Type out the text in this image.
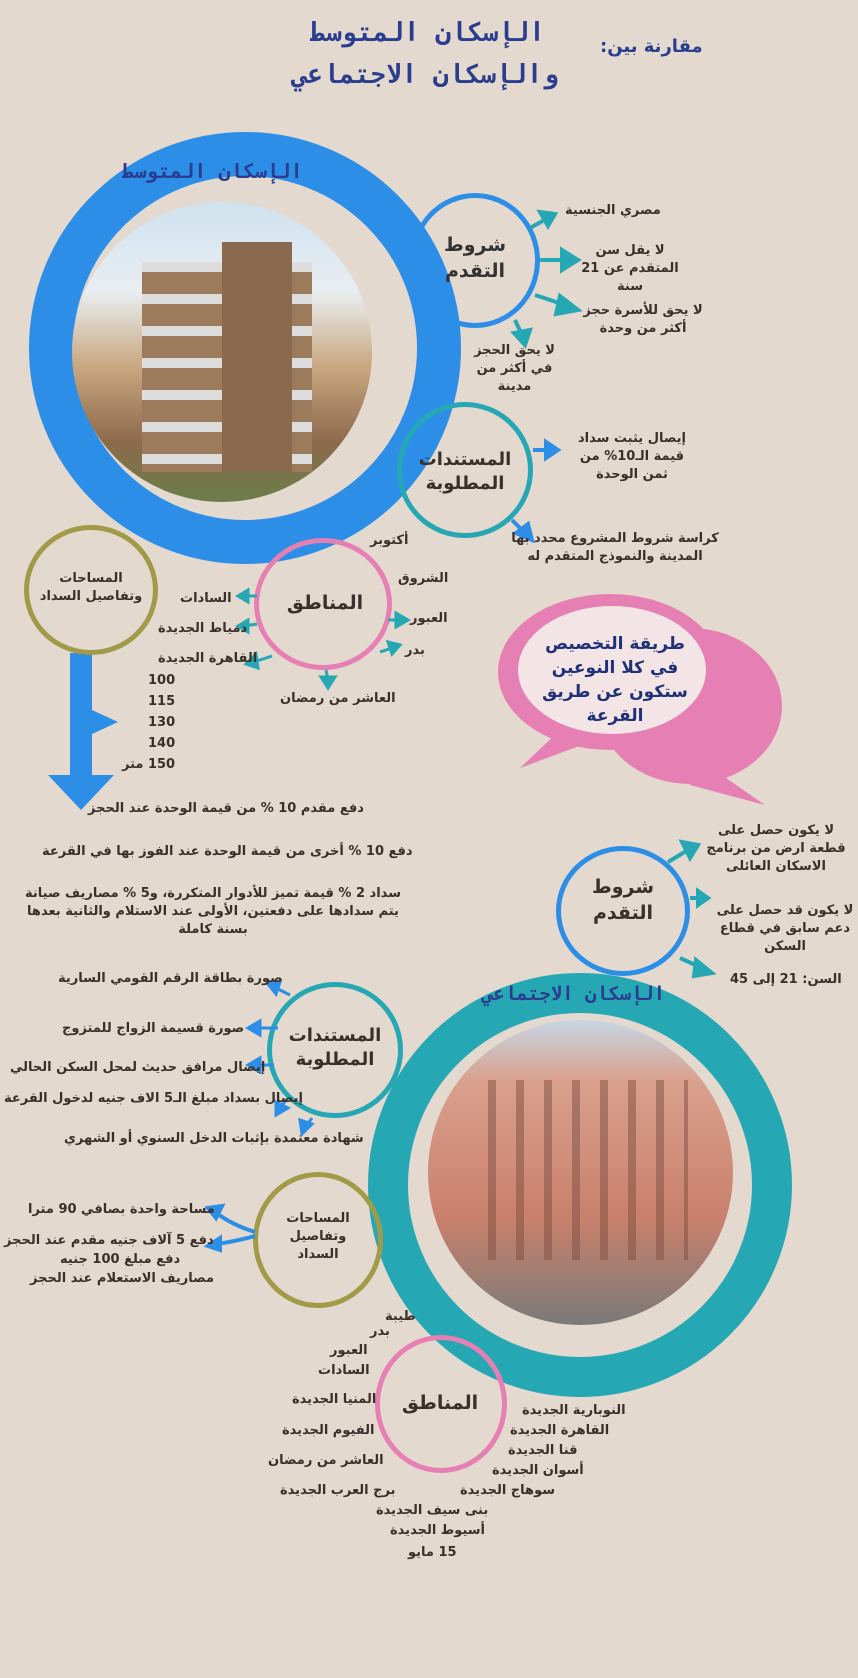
الإسكان المتوسط	مقارنة بين:
والإسكان الاجتماعي
الإسكان المتوسط
شروط التقدم
مصري الجنسية
لا يقل سن المتقدم عن 21 سنة
لا يحق للأسرة حجز أكثر من وحدة
لا يحق الحجز في أكثر من مدينة
المستندات المطلوبة
إيصال يثبت سداد قيمة الـ10% من ثمن الوحدة
كراسة شروط المشروع محدد بها المدينة والنموذج المتقدم له
المناطق
أكتوبر
الشروق
العبور
بدر
العاشر من رمضان
القاهرة الجديدة
دمياط الجديدة
السادات
المساحات وتفاصيل السداد
100
115
130
140
150 متر
دفع مقدم 10 % من قيمة الوحدة عند الحجز
دفع 10 % أخرى من قيمة الوحدة عند الفوز بها في القرعة
سداد 2 % قيمة تميز للأدوار المتكررة، و5 % مصاريف صيانة يتم سدادها على دفعتين، الأولى عند الاستلام والثانية بعدها بسنة كاملة
طريقة التخصيص في كلا النوعين ستكون عن طريق القرعة
شروط التقدم
لا يكون حصل على قطعة ارض من برنامج الاسكان العائلى
لا يكون قد حصل على دعم سابق في قطاع السكن
السن: 21 إلى 45
الإسكان الاجتماعي
المستندات المطلوبة
صورة بطاقة الرقم القومي السارية
صورة قسيمة الزواج للمتزوج
إيصال مرافق حديث لمحل السكن الحالي
إيصال بسداد مبلغ الـ5 الاف جنيه لدخول القرعة
شهادة معتمدة بإثبات الدخل السنوي أو الشهري
المساحات وتفاصيل السداد
مساحة واحدة بصافي 90 مترا
دفع 5 آلاف جنيه مقدم عند الحجز
دفع مبلغ 100 جنيه
مصاريف الاستعلام عند الحجز
المناطق
طيبة
بدر
العبور
السادات
المنيا الجديدة
الفيوم الجديدة
العاشر من رمضان
برج العرب الجديدة
النوبارية الجديدة
القاهرة الجديدة
قنا الجديدة
أسوان الجديدة
سوهاج الجديدة
بنى سيف الجديدة
أسيوط الجديدة
15 مايو
